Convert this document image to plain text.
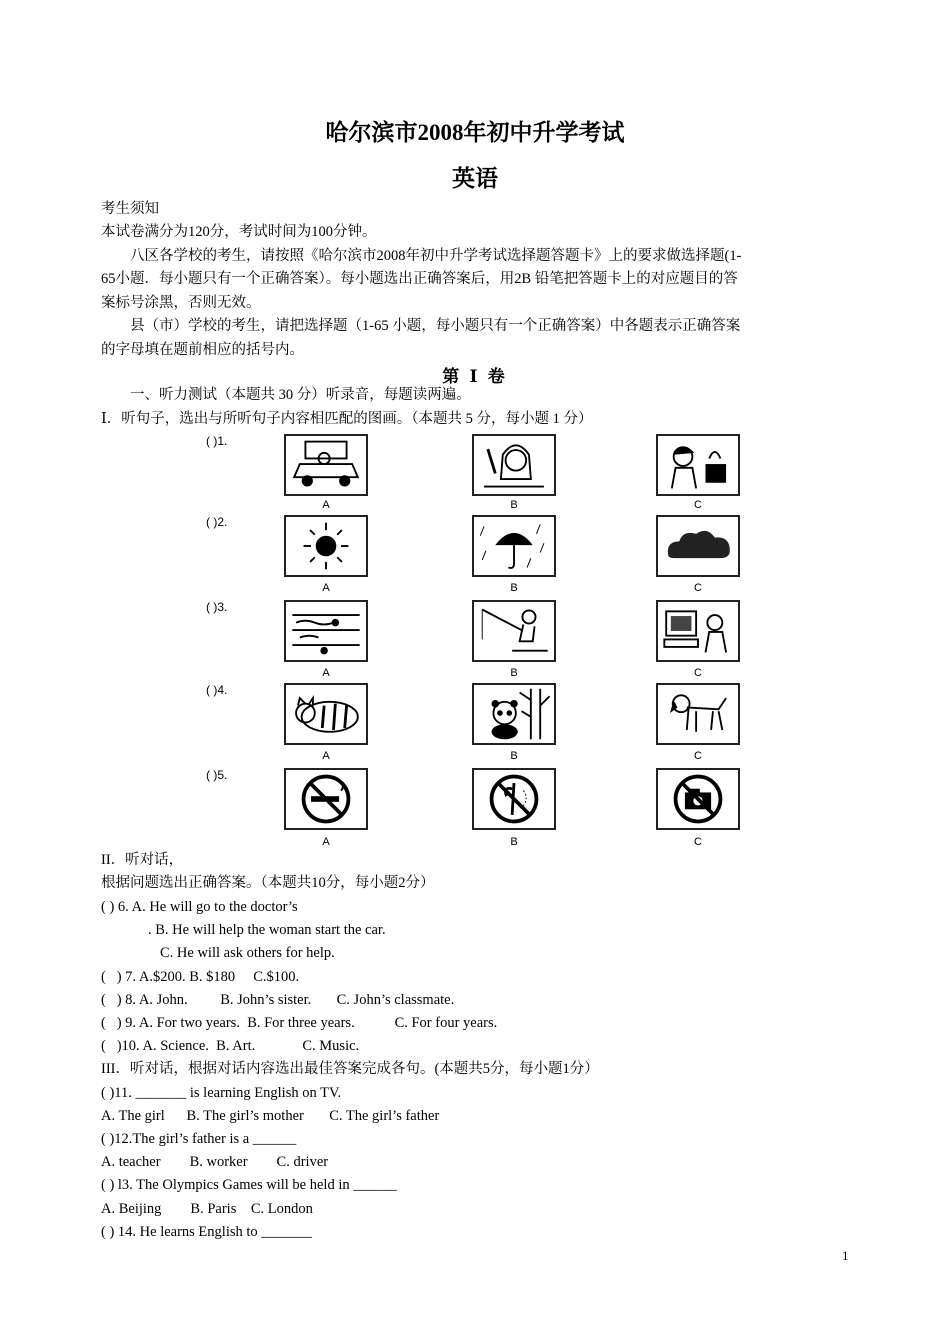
哈尔滨市2008年初中升学考试
英语
考生须知
本试卷满分为120分，考试时间为100分钟。
八区各学校的考生，请按照《哈尔滨市2008年初中升学考试选择题答题卡》上的要求做选择题(1-
65小题．每小题只有一个正确答案）。每小题选出正确答案后，用2B 铅笔把答题卡上的对应题目的答
案标号涂黑，否则无效。
县（市）学校的考生，请把选择题（1-65 小题，每小题只有一个正确答案）中各题表示正确答案
的字母填在题前相应的括号内。
第 Ⅰ 卷
一、听力测试（本题共 30 分）听录音，每题读两遍。
Ⅰ．听句子，选出与所听句子内容相匹配的图画。（本题共 5 分，每小题 1 分）
( )1.
A	B	C
( )2.
A	B	C
( )3.
A	B	C
( )4.
A	B	C
( )5.
A	B	C
II．听对话，
根据问题选出正确答案。（本题共10分，每小题2分）
( ) 6. A. He will go to the doctor’s
. B. He will help the woman start the car.
C. He will ask others for help.
(   ) 7. A.$200. B. $180     C.$100.
(   ) 8. A. John.         B. John’s sister.       C. John’s classmate.
(   ) 9. A. For two years.  B. For three years.           C. For four years.
(   )10. A. Science.  B. Art.             C. Music.
III．听对话，根据对话内容选出最佳答案完成各句。(本题共5分，每小题1分）
( )11. _______ is learning English on TV.
A. The girl      B. The girl’s mother       C. The girl’s father
( )12.The girl’s father is a ______
A. teacher        B. worker        C. driver
( ) l3. The Olympics Games will be held in ______
A. Beijing        B. Paris    C. London
( ) 14. He learns English to _______
1
